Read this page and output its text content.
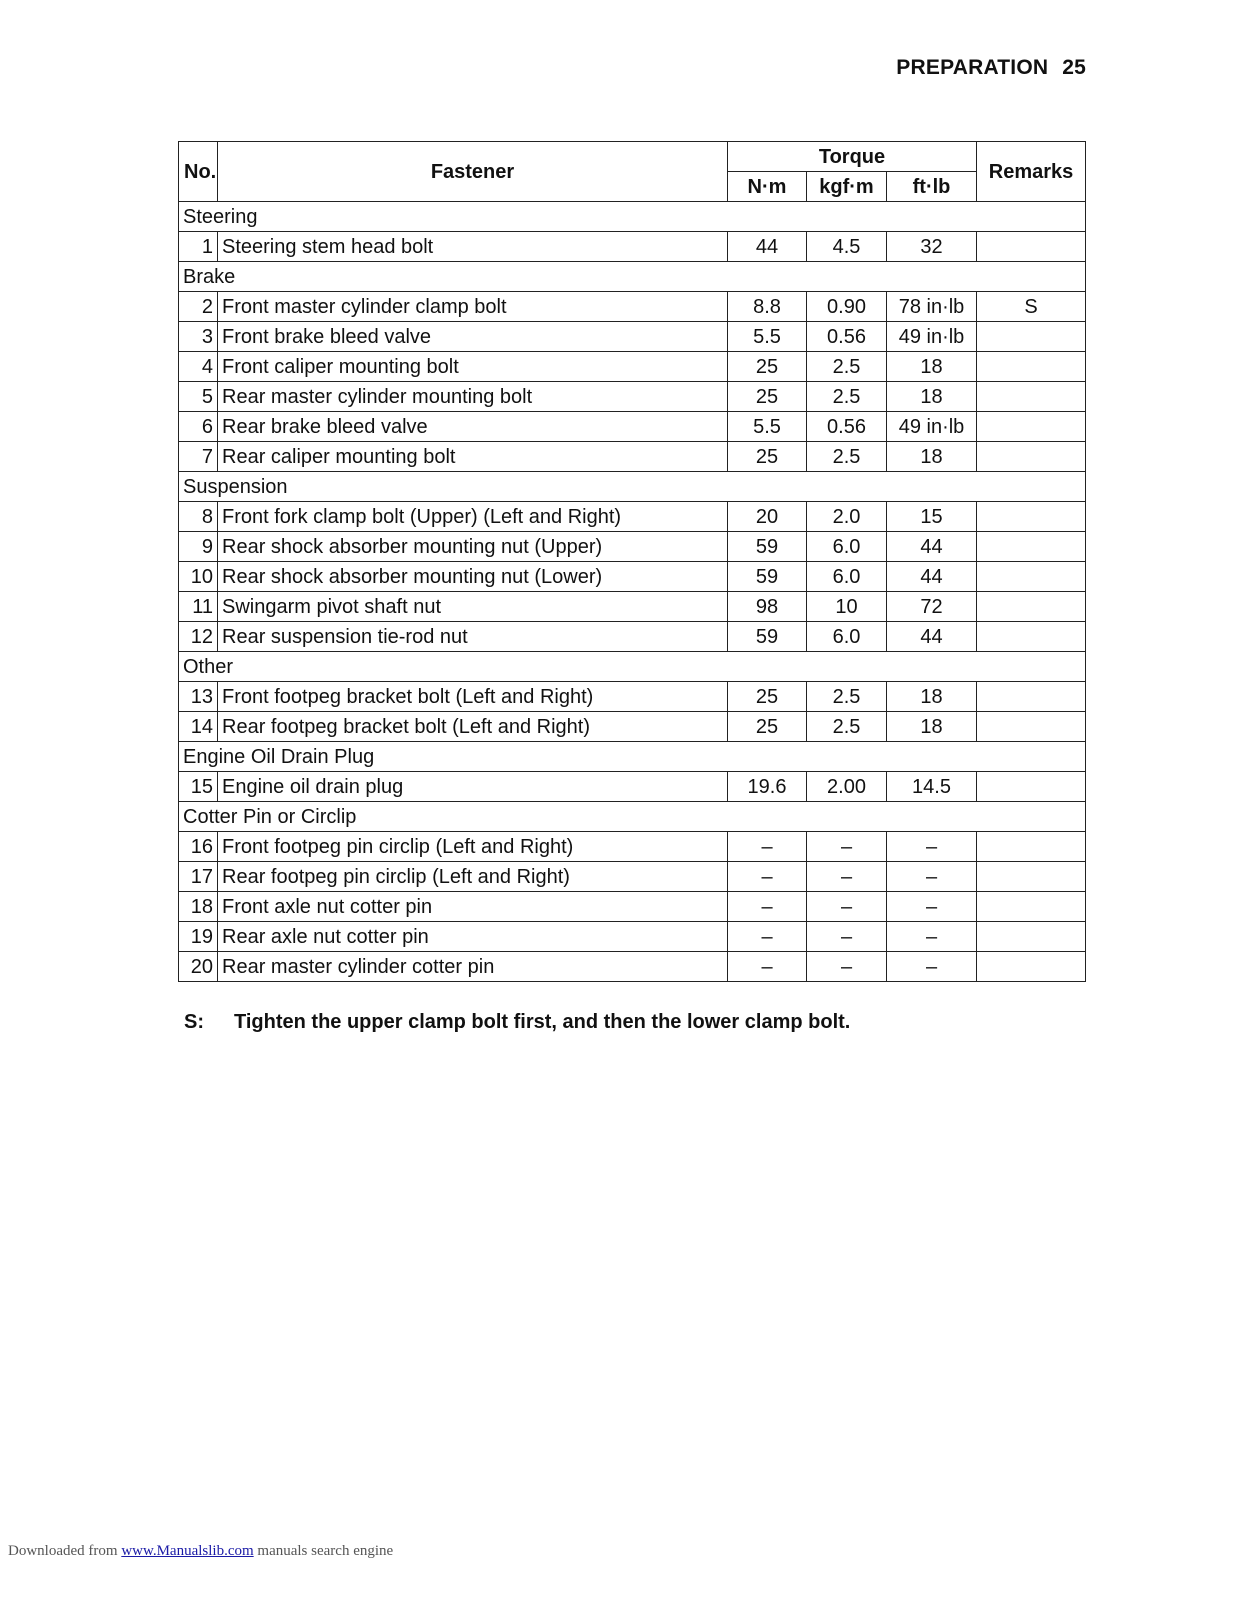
PREPARATION 25
No.	Fastener	Torque			Remarks
		N·m	kgf·m	ft·lb	
Steering					
1	Steering stem head bolt	44	4.5	32	
Brake					
2	Front master cylinder clamp bolt	8.8	0.90	78 in·lb	S
3	Front brake bleed valve	5.5	0.56	49 in·lb	
4	Front caliper mounting bolt	25	2.5	18	
5	Rear master cylinder mounting bolt	25	2.5	18	
6	Rear brake bleed valve	5.5	0.56	49 in·lb	
7	Rear caliper mounting bolt	25	2.5	18	
Suspension					
8	Front fork clamp bolt (Upper) (Left and Right)	20	2.0	15	
9	Rear shock absorber mounting nut (Upper)	59	6.0	44	
10	Rear shock absorber mounting nut (Lower)	59	6.0	44	
11	Swingarm pivot shaft nut	98	10	72	
12	Rear suspension tie-rod nut	59	6.0	44	
Other					
13	Front footpeg bracket bolt (Left and Right)	25	2.5	18	
14	Rear footpeg bracket bolt (Left and Right)	25	2.5	18	
Engine Oil Drain Plug					
15	Engine oil drain plug	19.6	2.00	14.5	
Cotter Pin or Circlip					
16	Front footpeg pin circlip (Left and Right)	–	–	–	
17	Rear footpeg pin circlip (Left and Right)	–	–	–	
18	Front axle nut cotter pin	–	–	–	
19	Rear axle nut cotter pin	–	–	–	
20	Rear master cylinder cotter pin	–	–	–	
S: Tighten the upper clamp bolt first, and then the lower clamp bolt.
Downloaded from www.Manualslib.com manuals search engine
